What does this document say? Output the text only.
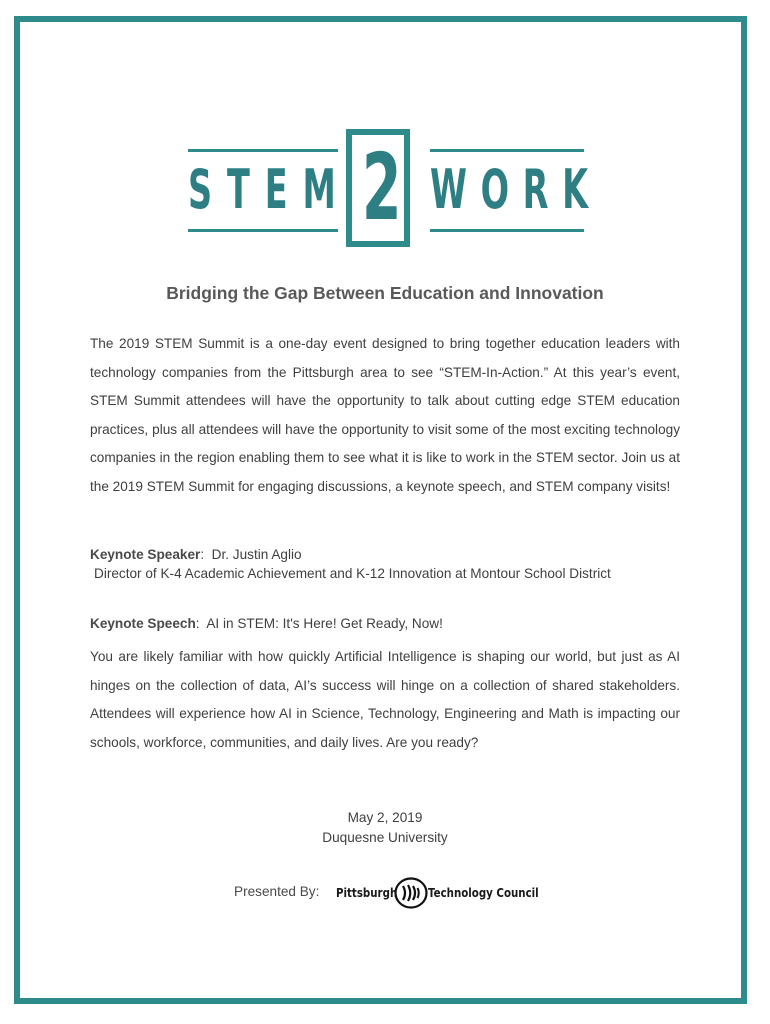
STEM 2 WORK
Bridging the Gap Between Education and Innovation

The 2019 STEM Summit is a one-day event designed to bring together education leaders with technology companies from the Pittsburgh area to see “STEM-In-Action.” At this year’s event, STEM Summit attendees will have the opportunity to talk about cutting edge STEM education practices, plus all attendees will have the opportunity to visit some of the most exciting technology companies in the region enabling them to see what it is like to work in the STEM sector. Join us at the 2019 STEM Summit for engaging discussions, a keynote speech, and STEM company visits!

Keynote Speaker:  Dr. Justin Aglio
Director of K-4 Academic Achievement and K-12 Innovation at Montour School District
Keynote Speech:  AI in STEM: It's Here! Get Ready, Now!

You are likely familiar with how quickly Artificial Intelligence is shaping our world, but just as AI hinges on the collection of data, AI’s success will hinge on a collection of shared stakeholders. Attendees will experience how AI in Science, Technology, Engineering and Math is impacting our schools, workforce, communities, and daily lives. Are you ready?

May 2, 2019
Duquesne University
Presented By: Pittsburgh Technology Council
